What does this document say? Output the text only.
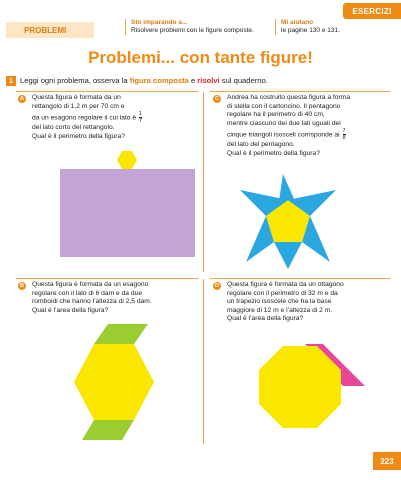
ESERCIZI
PROBLEMI
Sto imparando a...
Risolvere problemi con le figure composte.
Mi aiutano
le pagine 130 e 131.
Problemi... con tante figure!
1 Leggi ogni problema, osserva la figura composta e risolvi sul quaderno.
A	Questa figura è formata da un
rettangolo di 1,2 m per 70 cm e
da un esagono regolare il cui lato è $\frac{1}{7}$
del lato corto del rettangolo.
Qual è il perimetro della figura?
C	Andrea ha costruito questa figura a forma
di stella con il cartoncino. Il pentagono
regolare ha il perimetro di 40 cm,
mentre ciascuno dei due lati uguali dei
cinque triangoli isosceli corrisponde ai $\frac{7}{8}$
del lato del pentagono.
Qual è il perimetro della figura?
B	Questa figura è formata da un esagono
regolare con il lato di 6 dam e da due
romboidi che hanno l’altezza di 2,5 dam.
Qual è l’area della figura?
D	Questa figura è formata da un ottagono
regolare con il perimetro di 32 m e da
un trapezio isoscele che ha la base
maggiore di 12 m e l’altezza di 2 m.
Qual è l’area della figura?
223
